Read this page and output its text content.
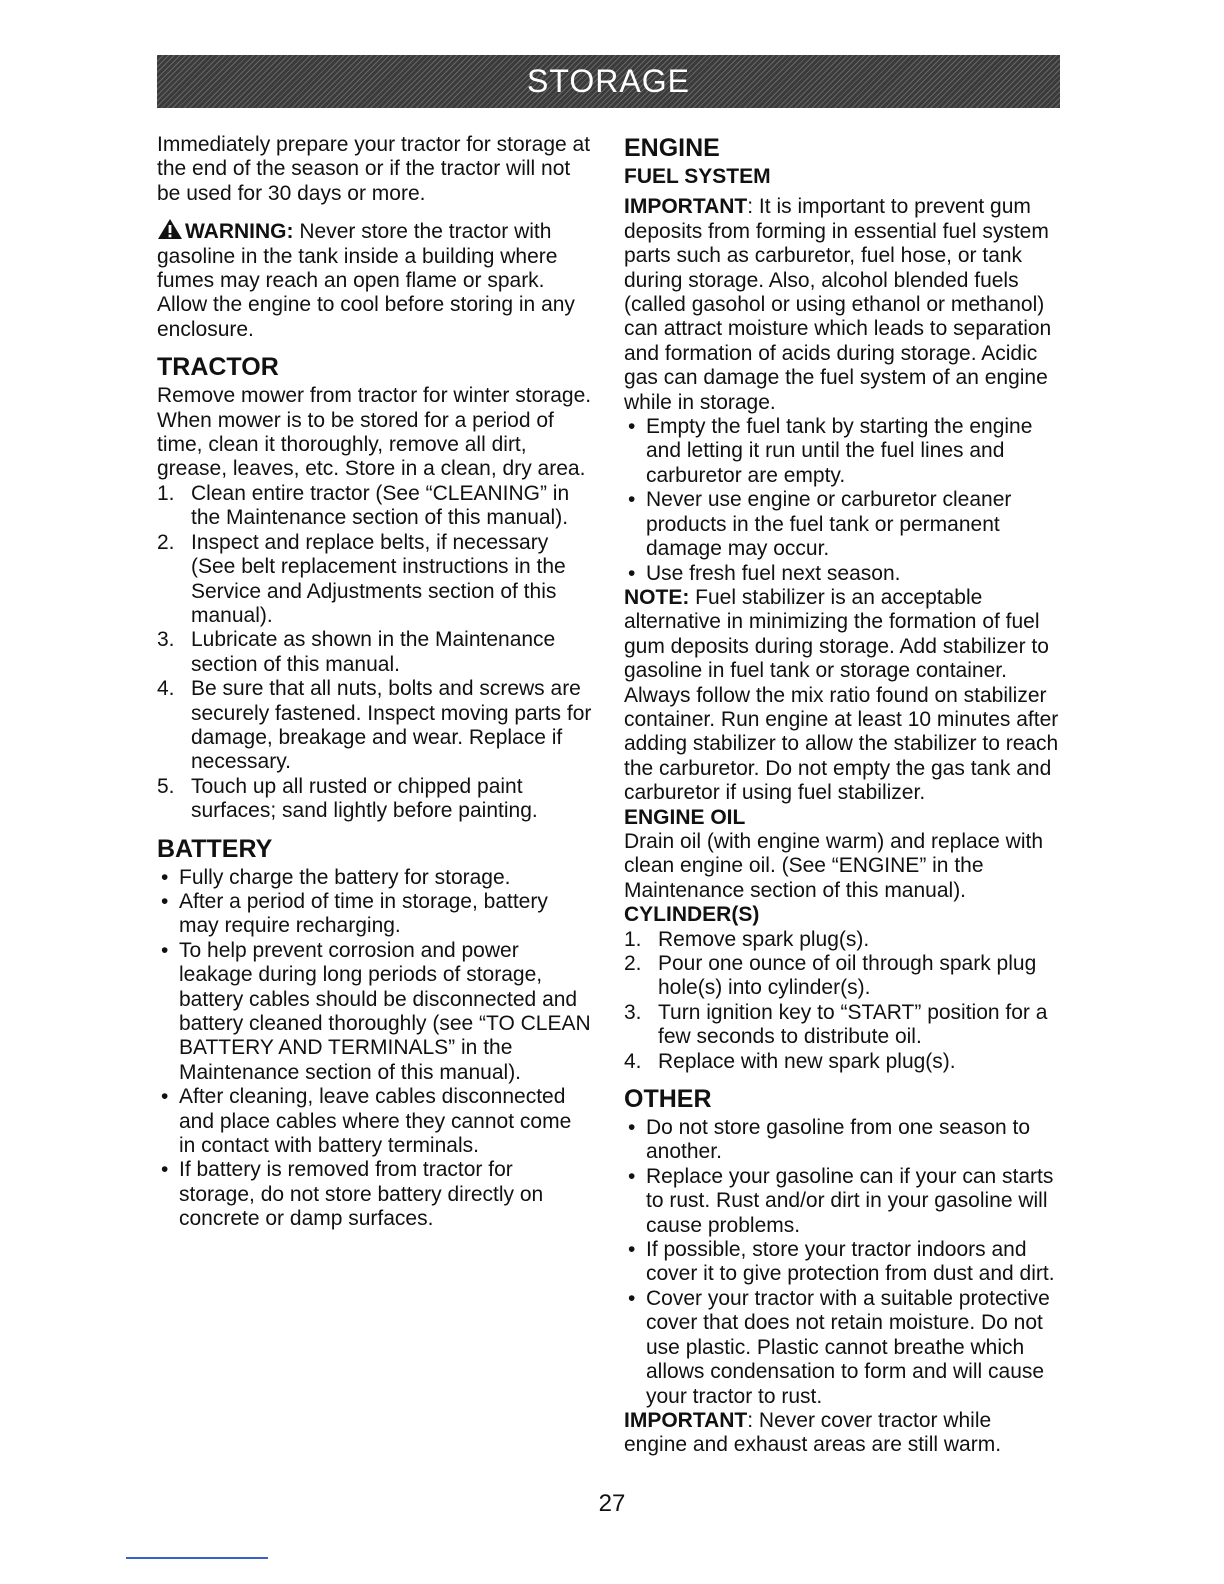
STORAGE

Immediately prepare your tractor for storage at the end of the season or if the tractor will not be used for 30 days or more.

WARNING: Never store the tractor with gasoline in the tank inside a building where fumes may reach an open flame or spark. Allow the engine to cool before storing in any enclosure.

TRACTOR

Remove mower from tractor for winter storage. When mower is to be stored for a period of time, clean it thoroughly, remove all dirt, grease, leaves, etc. Store in a clean, dry area.

1. Clean entire tractor (See “CLEANING” in the Maintenance section of this manual).
2. Inspect and replace belts, if necessary (See belt replacement instructions in the Service and Adjustments section of this manual).
3. Lubricate as shown in the Maintenance section of this manual.
4. Be sure that all nuts, bolts and screws are securely fastened. Inspect moving parts for damage, breakage and wear. Replace if necessary.
5. Touch up all rusted or chipped paint surfaces; sand lightly before painting.
BATTERY
• Fully charge the battery for storage.
• After a period of time in storage, battery may require recharging.
• To help prevent corrosion and power leakage during long periods of storage, battery cables should be disconnected and battery cleaned thoroughly (see “TO CLEAN BATTERY AND TERMINALS” in the Maintenance section of this manual).
• After cleaning, leave cables disconnected and place cables where they cannot come in contact with battery terminals.
• If battery is removed from tractor for storage, do not store battery directly on concrete or damp surfaces.
ENGINE
FUEL SYSTEM

IMPORTANT: It is important to prevent gum deposits from forming in essential fuel system parts such as carburetor, fuel hose, or tank during storage. Also, alcohol blended fuels (called gasohol or using ethanol or methanol) can attract moisture which leads to separation and formation of acids during storage. Acidic gas can damage the fuel system of an engine while in storage.

• Empty the fuel tank by starting the engine and letting it run until the fuel lines and carburetor are empty.
• Never use engine or carburetor cleaner products in the fuel tank or permanent damage may occur.
• Use fresh fuel next season.

NOTE: Fuel stabilizer is an acceptable alternative in minimizing the formation of fuel gum deposits during storage. Add stabilizer to gasoline in fuel tank or storage container. Always follow the mix ratio found on stabilizer container. Run engine at least 10 minutes after adding stabilizer to allow the stabilizer to reach the carburetor. Do not empty the gas tank and carburetor if using fuel stabilizer.

ENGINE OIL

Drain oil (with engine warm) and replace with clean engine oil. (See “ENGINE” in the Maintenance section of this manual).

CYLINDER(S)
1. Remove spark plug(s).
2. Pour one ounce of oil through spark plug hole(s) into cylinder(s).
3. Turn ignition key to “START” position for a few seconds to distribute oil.
4. Replace with new spark plug(s).
OTHER
• Do not store gasoline from one season to another.
• Replace your gasoline can if your can starts to rust. Rust and/or dirt in your gasoline will cause problems.
• If possible, store your tractor indoors and cover it to give protection from dust and dirt.
• Cover your tractor with a suitable protective cover that does not retain moisture. Do not use plastic. Plastic cannot breathe which allows condensation to form and will cause your tractor to rust.

IMPORTANT: Never cover tractor while engine and exhaust areas are still warm.

27
